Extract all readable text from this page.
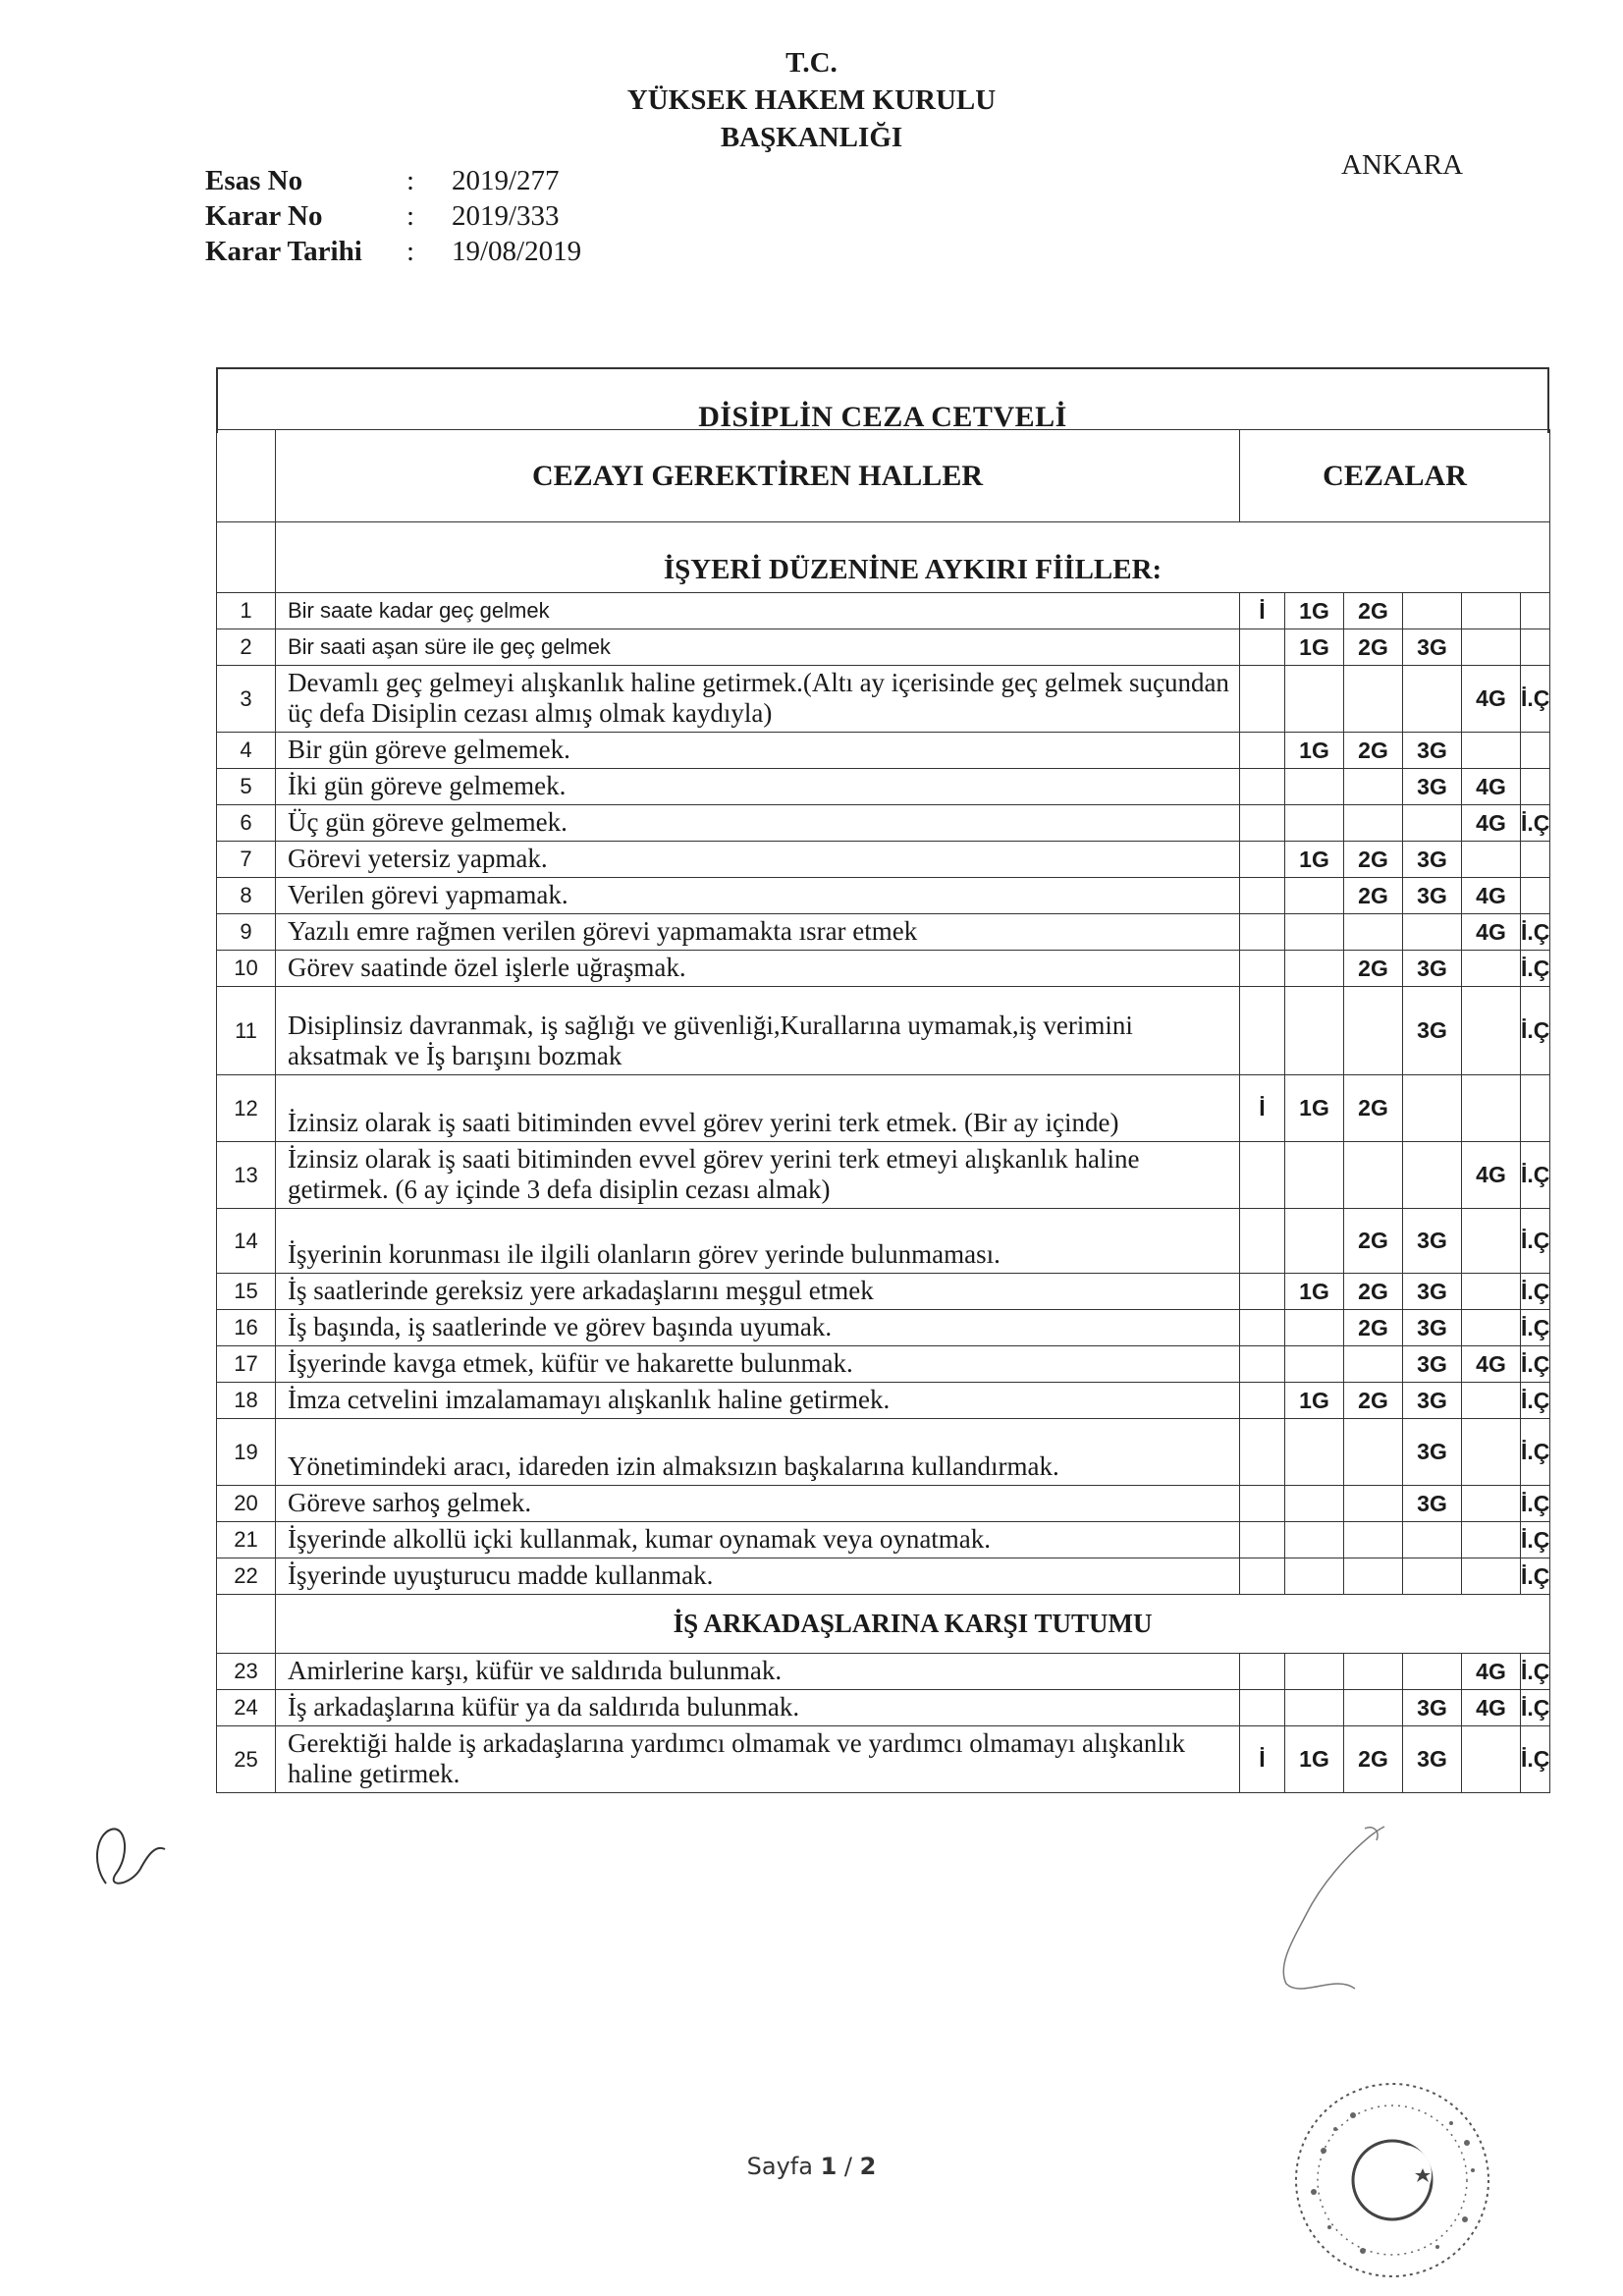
T.C.
YÜKSEK HAKEM KURULU
BAŞKANLIĞI
ANKARA
Esas No	: 2019/277
Karar No	: 2019/333
Karar Tarihi : 19/08/2019
DİSİPLİN CEZA CETVELİ
	CEZAYI GEREKTİREN HALLER	CEZALAR					
	İŞYERİ DÜZENİNE AYKIRI FİİLLER:						
1	Bir saate kadar geç gelmek	İ	1G	2G			
2	Bir saati aşan süre ile geç gelmek		1G	2G	3G		
3	Devamlı geç gelmeyi alışkanlık haline getirmek.(Altı ay içerisinde geç gelmek suçundan üç defa Disiplin cezası almış olmak kaydıyla)					4G	İ.Ç
4	Bir gün göreve gelmemek.		1G	2G	3G		
5	İki gün göreve gelmemek.				3G	4G	
6	Üç gün göreve gelmemek.					4G	İ.Ç
7	Görevi yetersiz yapmak.		1G	2G	3G		
8	Verilen görevi yapmamak.			2G	3G	4G	
9	Yazılı emre rağmen verilen görevi yapmamakta ısrar etmek					4G	İ.Ç
10	Görev saatinde özel işlerle uğraşmak.			2G	3G		İ.Ç
11	Disiplinsiz davranmak, iş sağlığı ve güvenliği,Kurallarına uymamak,iş verimini aksatmak ve İş barışını bozmak				3G		İ.Ç
12	İzinsiz olarak iş saati bitiminden evvel görev yerini terk etmek. (Bir ay içinde)	İ	1G	2G			
13	İzinsiz olarak iş saati bitiminden evvel görev yerini terk etmeyi alışkanlık haline getirmek. (6 ay içinde 3 defa disiplin cezası almak)					4G	İ.Ç
14	İşyerinin korunması ile ilgili olanların görev yerinde bulunmaması.			2G	3G		İ.Ç
15	İş saatlerinde gereksiz yere arkadaşlarını meşgul etmek		1G	2G	3G		İ.Ç
16	İş başında, iş saatlerinde ve görev başında uyumak.			2G	3G		İ.Ç
17	İşyerinde kavga etmek, küfür ve hakarette bulunmak.				3G	4G	İ.Ç
18	İmza cetvelini imzalamamayı alışkanlık haline getirmek.		1G	2G	3G		İ.Ç
19	Yönetimindeki aracı, idareden izin almaksızın başkalarına kullandırmak.				3G		İ.Ç
20	Göreve sarhoş gelmek.				3G		İ.Ç
21	İşyerinde alkollü içki kullanmak, kumar oynamak veya oynatmak.						İ.Ç
22	İşyerinde uyuşturucu madde kullanmak.						İ.Ç
	İŞ ARKADAŞLARINA KARŞI TUTUMU						
23	Amirlerine karşı, küfür ve saldırıda bulunmak.					4G	İ.Ç
24	İş arkadaşlarına küfür ya da saldırıda bulunmak.				3G	4G	İ.Ç
25	Gerektiği halde iş arkadaşlarına yardımcı olmamak ve yardımcı olmamayı alışkanlık haline getirmek.	İ	1G	2G	3G		İ.Ç
Sayfa 1 / 2
